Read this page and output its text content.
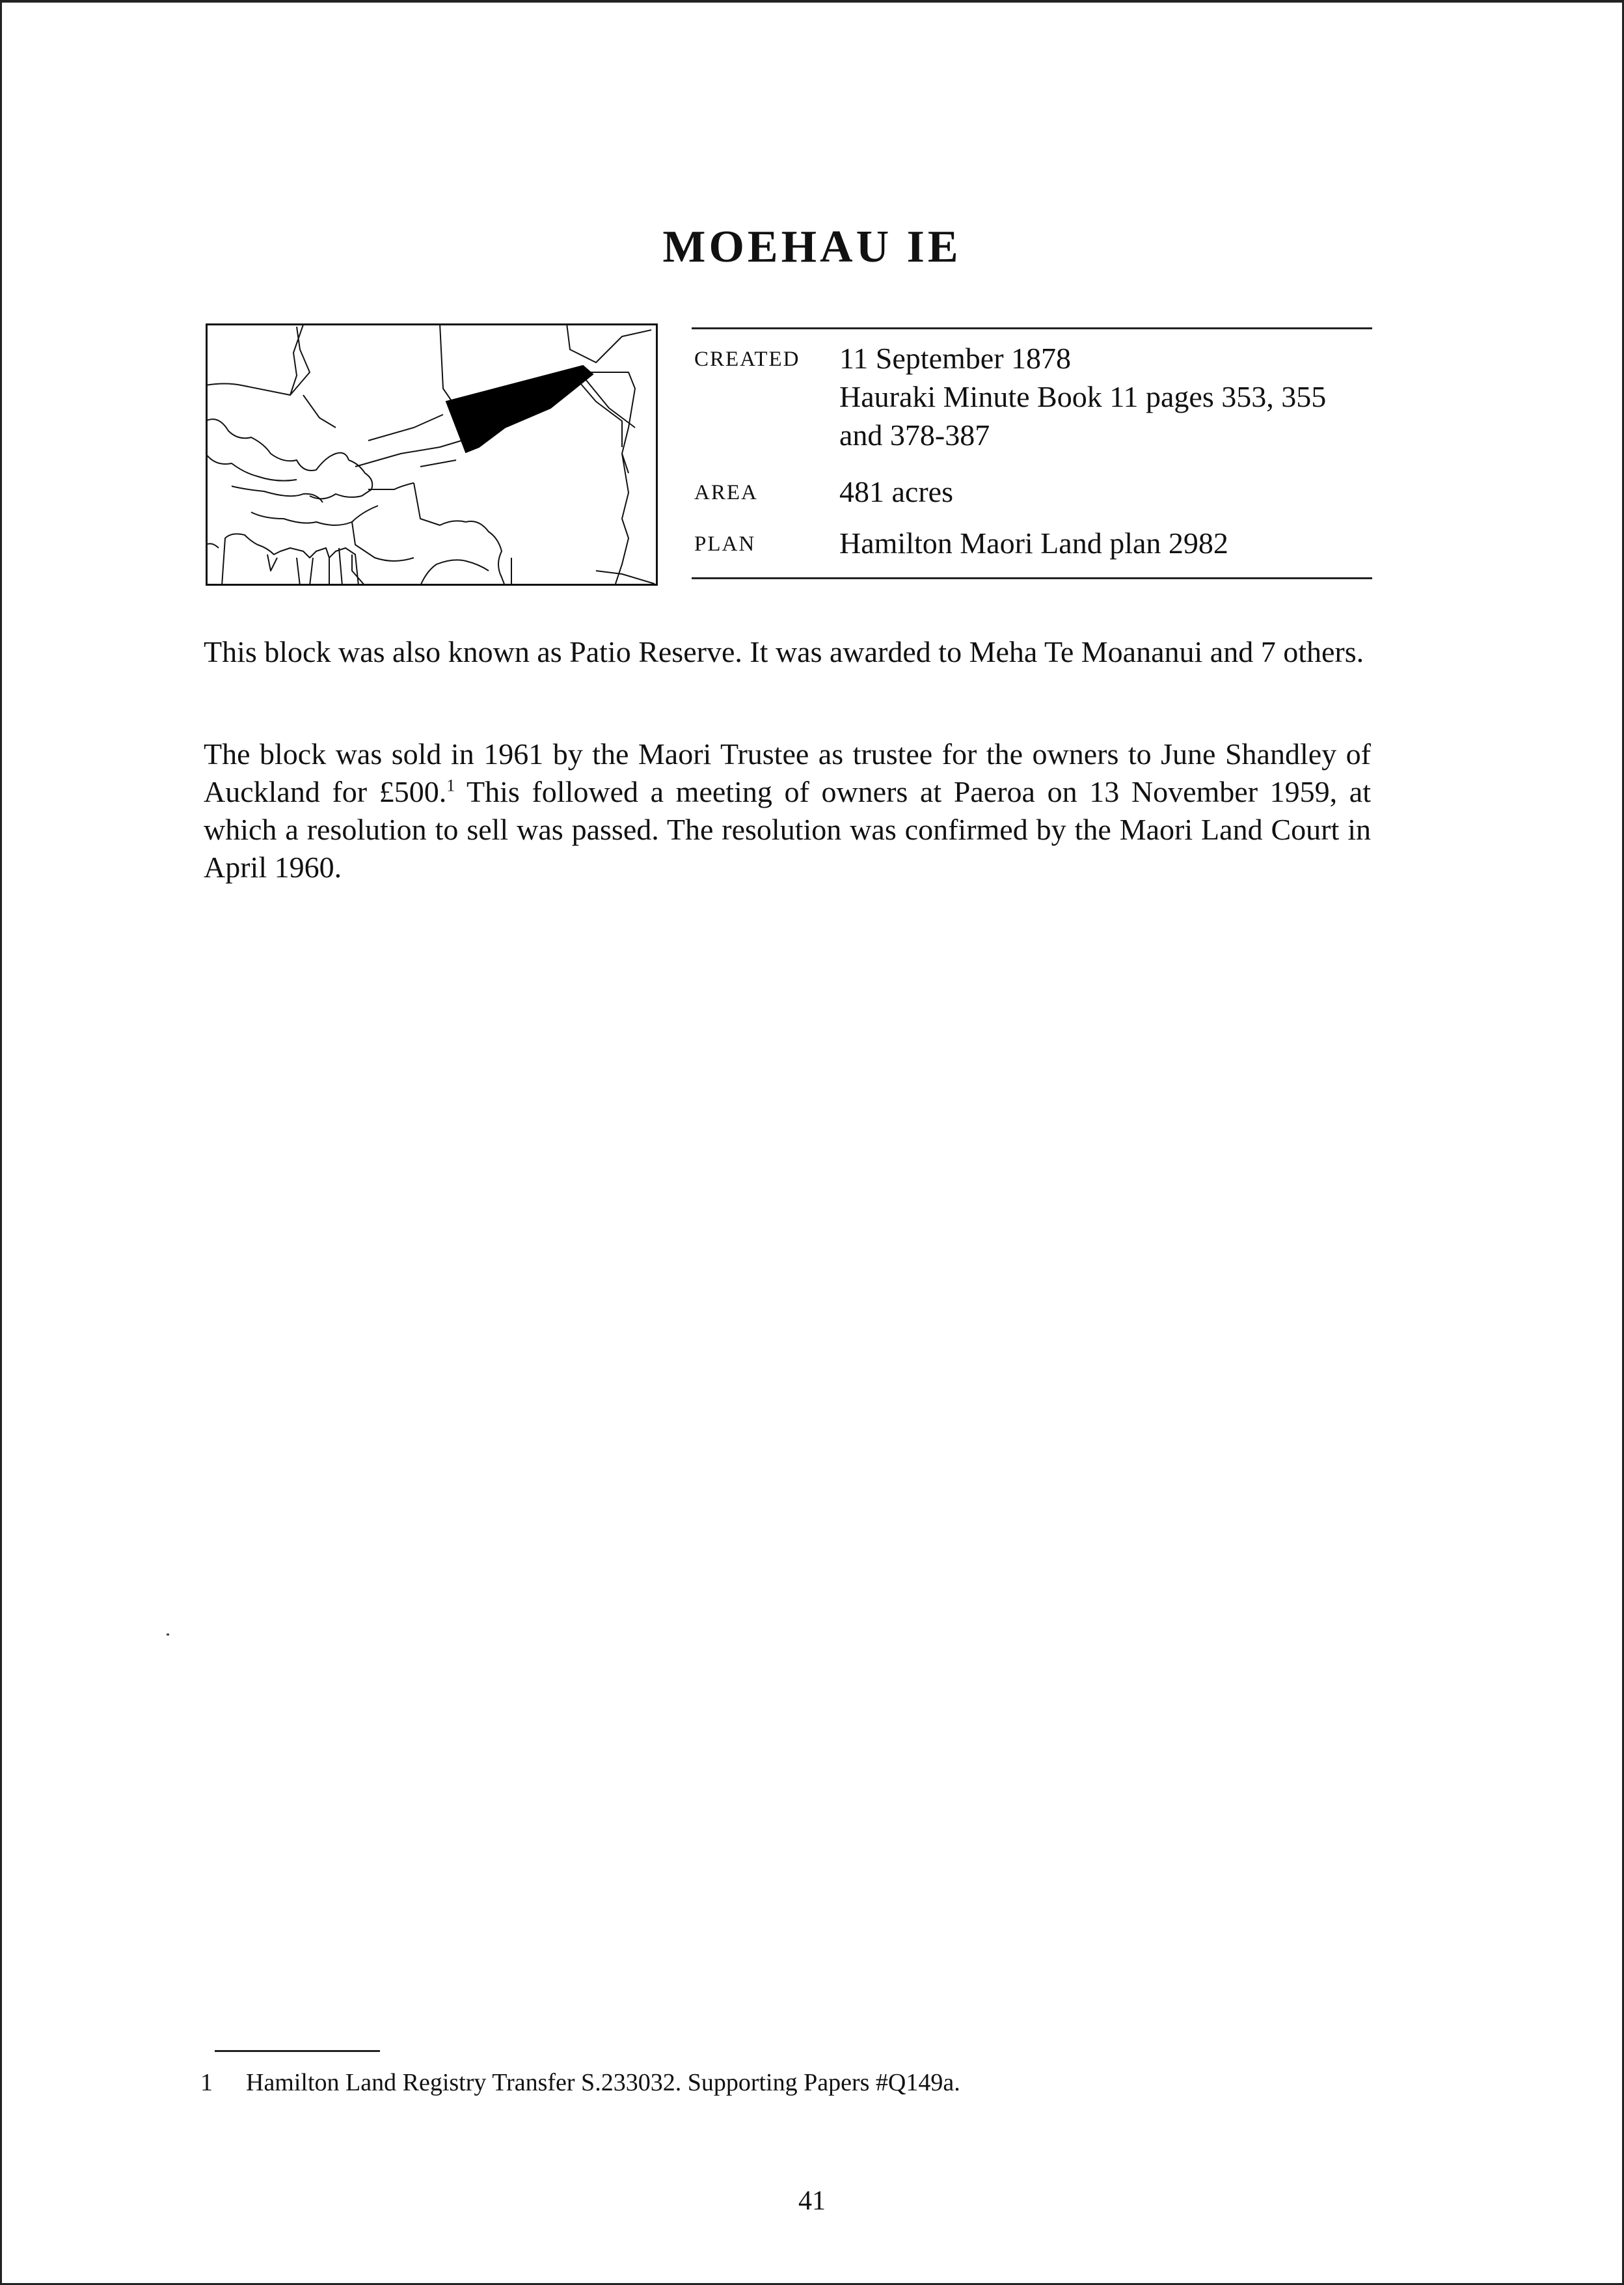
MOEHAU IE
CREATED 11 September 1878
Hauraki Minute Book 11 pages 353, 355
and 378-387
AREA	481 acres
PLAN	Hamilton Maori Land plan 2982

This block was also known as Patio Reserve. It was awarded to Meha Te Moananui and 7 others.

The block was sold in 1961 by the Maori Trustee as trustee for the owners to June Shandley of Auckland for £500.$^1$ This followed a meeting of owners at Paeroa on 13 November 1959, at which a resolution to sell was passed. The resolution was confirmed by the Maori Land Court in April 1960.

1 Hamilton Land Registry Transfer S.233032. Supporting Papers #Q149a.
41
